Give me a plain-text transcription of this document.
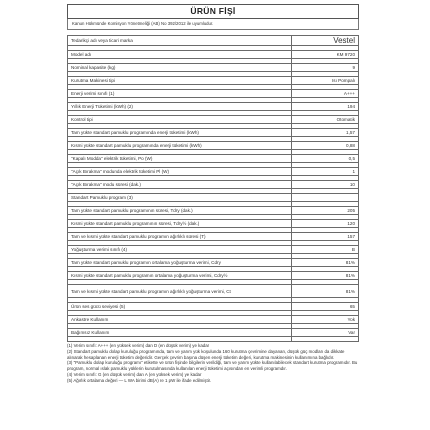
ÜRÜN FİŞİ
Kanun Hükmünde Komisyon Yönetmeliği (AB) No 392/2012 ile uyumludur.
Tedarikçi adı veya ticari marka	Vestel

Model adı	KM 9720

Nominal kapasite (kg)	9

Kurutma Makinesi tipi	Isı Pompalı

Enerji verimi sınıfı (1)	A+++

Yıllık Enerji Tüketimi (kWh) (2)	194

Kontrol tipi	Otomatik

Tam yükte standart pamuklu programında enerji tüketimi (kWh)	1,57

Kısmi yükte standart pamuklu programında enerji tüketimi (kWh)	0,88

"Kapalı Modda" elektrik tüketimi, Po (W)	0,5

"Açık Bırakma" modunda elektrik tüketimi Pl (W)	1

"Açık Bırakma" modu süresi (dak.)	10

Standart Pamuklu program (3)	

Tam yükte standart pamuklu programının süresi, Tdry (dak.)	205

Kısmi yükte standart pamuklu programının süresi, Tdry½ (dak.)	120

Tam ve kısmi yükte standart pamuklu programın ağırlıklı süresi (T)	157

Yoğuşturma verimi sınıfı (4)	B

Tam yükte standart pamuklu programın ortalama yoğuşturma verimi, Cdry	81%

Kısmi yükte standart pamuklu programın ortalama yoğuşturma verimi, Cdry½	81%

Tam ve kısmi yükte standart pamuklu programın ağırlıklı yoğuşturma verimi, Ct	81%

Ürün ses gücü seviyesi (5)	65

Ankastre Kullanım	Yok

Bağımsız Kullanım	Var

(1) Verim sınıfı: A+++ (en yüksek verim) dan D (en düşük verim) ye kadar
(2) Standart pamuklu dolap kuruluğu programında, tam ve yarım yük koşulunda 160 kurutma çevrimine dayanan, düşük güç modları da dikkate alınarak hesaplanan enerji tüketim değeridir. Gerçek çevrim başına düşen enerji tüketim değeri, kurutma makinesinin kullanımına bağlıdır.
(3) "Pamuklu dolap kuruluğu programı" etikette ve ürün fişinde bilgilerin verildiği, tam ve yarım yükte kullanılabilecek standart kurutma programıdır. Bu program, normal ıslak pamuklu yüklerin kurutulmasında kullanılan enerji tüketimi açısından en verimli programdır.
(4) Verim sınıfı: G (en düşük verim) dan A (en yüksek verim) ye kadar
(5) Ağırlık ortalama değeri — L WA birimi dB(A) re 1 pW ile ifade edilmiştir.
